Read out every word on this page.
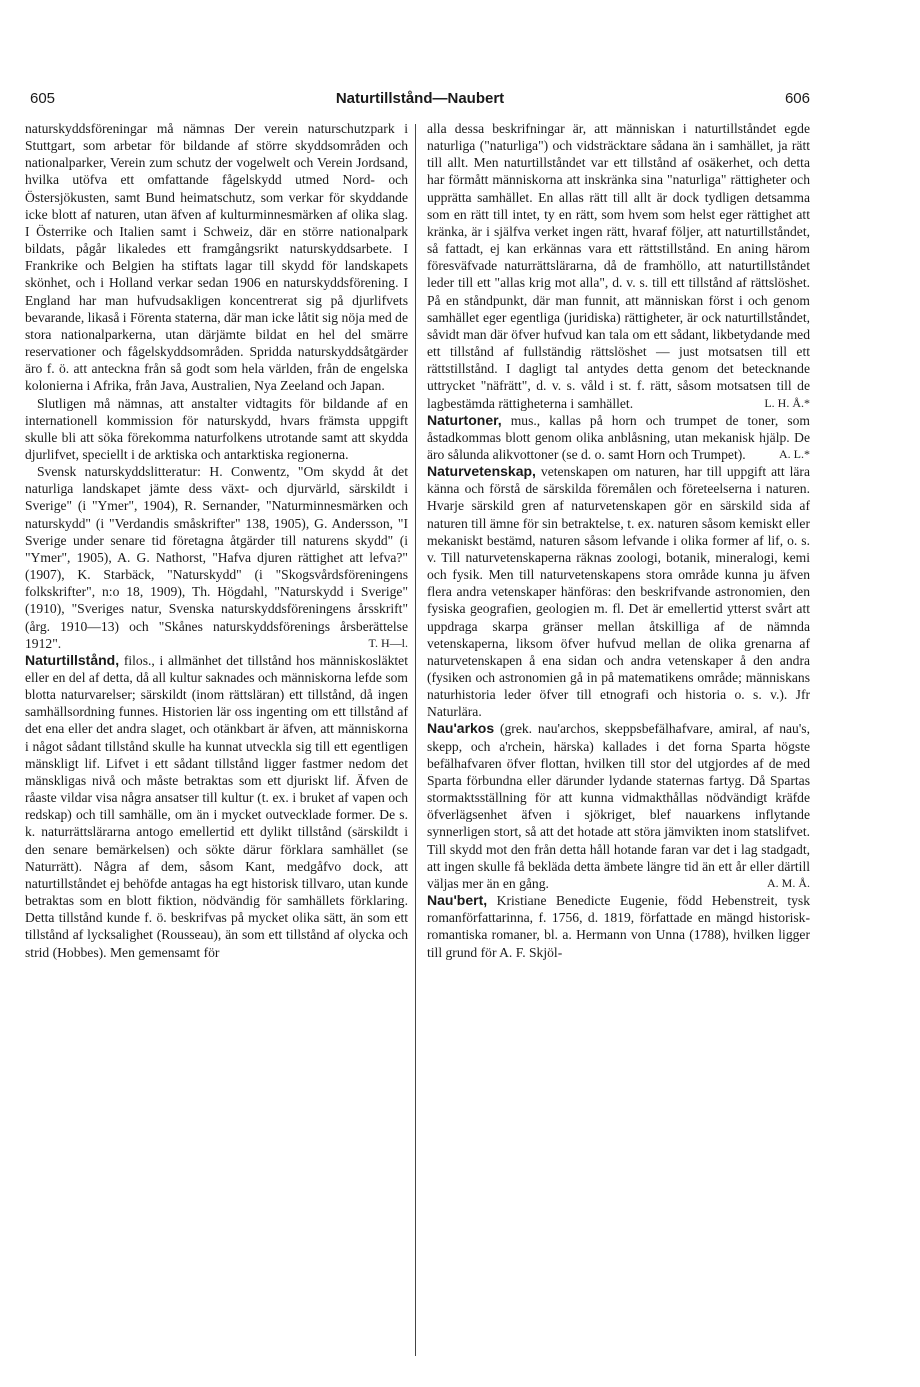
605	Naturtillstånd—Naubert	606

naturskyddsföreningar må nämnas Der verein naturschutzpark i Stuttgart, som arbetar för bildande af större skyddsområden och nationalparker, Verein zum schutz der vogelwelt och Verein Jordsand, hvilka utöfva ett omfattande fågelskydd utmed Nord- och Östersjökusten, samt Bund heimatschutz, som verkar för skyddande icke blott af naturen, utan äfven af kulturminnesmärken af olika slag. I Österrike och Italien samt i Schweiz, där en större nationalpark bildats, pågår likaledes ett framgångsrikt naturskyddsarbete. I Frankrike och Belgien ha stiftats lagar till skydd för landskapets skönhet, och i Holland verkar sedan 1906 en naturskyddsförening. I England har man hufvudsakligen koncentrerat sig på djurlifvets bevarande, likaså i Förenta staterna, där man icke låtit sig nöja med de stora nationalparkerna, utan därjämte bildat en hel del smärre reservationer och fågelskyddsområden. Spridda naturskyddsåtgärder äro f. ö. att anteckna från så godt som hela världen, från de engelska kolonierna i Afrika, från Java, Australien, Nya Zeeland och Japan.

Slutligen må nämnas, att anstalter vidtagits för bildande af en internationell kommission för naturskydd, hvars främsta uppgift skulle bli att söka förekomma naturfolkens utrotande samt att skydda djurlifvet, speciellt i de arktiska och antarktiska regionerna.

Svensk naturskyddslitteratur: H. Conwentz, "Om skydd åt det naturliga landskapet jämte dess växt- och djurvärld, särskildt i Sverige" (i "Ymer", 1904), R. Sernander, "Naturminnesmärken och naturskydd" (i "Verdandis småskrifter" 138, 1905), G. Andersson, "I Sverige under senare tid företagna åtgärder till naturens skydd" (i "Ymer", 1905), A. G. Nathorst, "Hafva djuren rättighet att lefva?" (1907), K. Starbäck, "Naturskydd" (i "Skogsvårdsföreningens folkskrifter", n:o 18, 1909), Th. Högdahl, "Naturskydd i Sverige" (1910), "Sveriges natur, Svenska naturskyddsföreningens årsskrift" (årg. 1910—13) och "Skånes naturskyddsförenings årsberättelse 1912".	T. H—l.

Naturtillstånd, filos., i allmänhet det tillstånd hos människosläktet eller en del af detta, då all kultur saknades och människorna lefde som blotta naturvarelser; särskildt (inom rättsläran) ett tillstånd, då ingen samhällsordning funnes. Historien lär oss ingenting om ett tillstånd af det ena eller det andra slaget, och otänkbart är äfven, att människorna i något sådant tillstånd skulle ha kunnat utveckla sig till ett egentligen mänskligt lif. Lifvet i ett sådant tillstånd ligger fastmer nedom det mänskligas nivå och måste betraktas som ett djuriskt lif. Äfven de råaste vildar visa några ansatser till kultur (t. ex. i bruket af vapen och redskap) och till samhälle, om än i mycket outvecklade former. De s. k. naturrättslärarna antogo emellertid ett dylikt tillstånd (särskildt i den senare bemärkelsen) och sökte därur förklara samhället (se Naturrätt). Några af dem, såsom Kant, medgåfvo dock, att naturtillståndet ej behöfde antagas ha egt historisk tillvaro, utan kunde betraktas som en blott fiktion, nödvändig för samhällets förklaring. Detta tillstånd kunde f. ö. beskrifvas på mycket olika sätt, än som ett tillstånd af lycksalighet (Rousseau), än som ett tillstånd af olycka och strid (Hobbes). Men gemensamt för

alla dessa beskrifningar är, att människan i naturtillståndet egde naturliga ("naturliga") och vidsträcktare sådana än i samhället, ja rätt till allt. Men naturtillståndet var ett tillstånd af osäkerhet, och detta har förmått människorna att inskränka sina "naturliga" rättigheter och upprätta samhället. En allas rätt till allt är dock tydligen detsamma som en rätt till intet, ty en rätt, som hvem som helst eger rättighet att kränka, är i själfva verket ingen rätt, hvaraf följer, att naturtillståndet, så fattadt, ej kan erkännas vara ett rättstillstånd. En aning härom föresväfvade naturrättslärarna, då de framhöllo, att naturtillståndet leder till ett "allas krig mot alla", d. v. s. till ett tillstånd af rättslöshet. På en ståndpunkt, där man funnit, att människan först i och genom samhället eger egentliga (juridiska) rättigheter, är ock naturtillståndet, såvidt man där öfver hufvud kan tala om ett sådant, likbetydande med ett tillstånd af fullständig rättslöshet — just motsatsen till ett rättstillstånd. I dagligt tal antydes detta genom det betecknande uttrycket "näfrätt", d. v. s. våld i st. f. rätt, såsom motsatsen till de lagbestämda rättigheterna i samhället.	L. H. Å.*

Naturtoner, mus., kallas på horn och trumpet de toner, som åstadkommas blott genom olika anblåsning, utan mekanisk hjälp. De äro sålunda alikvottoner (se d. o. samt Horn och Trumpet).	A. L.*

Naturvetenskap, vetenskapen om naturen, har till uppgift att lära känna och förstå de särskilda föremålen och företeelserna i naturen. Hvarje särskild gren af naturvetenskapen gör en särskild sida af naturen till ämne för sin betraktelse, t. ex. naturen såsom kemiskt eller mekaniskt bestämd, naturen såsom lefvande i olika former af lif, o. s. v. Till naturvetenskaperna räknas zoologi, botanik, mineralogi, kemi och fysik. Men till naturvetenskapens stora område kunna ju äfven flera andra vetenskaper hänföras: den beskrifvande astronomien, den fysiska geografien, geologien m. fl. Det är emellertid ytterst svårt att uppdraga skarpa gränser mellan åtskilliga af de nämnda vetenskaperna, liksom öfver hufvud mellan de olika grenarna af naturvetenskapen å ena sidan och andra vetenskaper å den andra (fysiken och astronomien gå in på matematikens område; människans naturhistoria leder öfver till etnografi och historia o. s. v.). Jfr Naturlära.

Nau'arkos (grek. nau'archos, skeppsbefälhafvare, amiral, af nau's, skepp, och a'rchein, härska) kallades i det forna Sparta högste befälhafvaren öfver flottan, hvilken till stor del utgjordes af de med Sparta förbundna eller därunder lydande staternas fartyg. Då Spartas stormaktsställning för att kunna vidmakthållas nödvändigt kräfde öfverlägsenhet äfven i sjökriget, blef nauarkens inflytande synnerligen stort, så att det hotade att störa jämvikten inom statslifvet. Till skydd mot den från detta håll hotande faran var det i lag stadgadt, att ingen skulle få bekläda detta ämbete längre tid än ett år eller därtill väljas mer än en gång.	A. M. Å.

Nau'bert, Kristiane Benedicte Eugenie, född Hebenstreit, tysk romanförfattarinna, f. 1756, d. 1819, författade en mängd historisk-romantiska romaner, bl. a. Hermann von Unna (1788), hvilken ligger till grund för A. F. Skjöl-
